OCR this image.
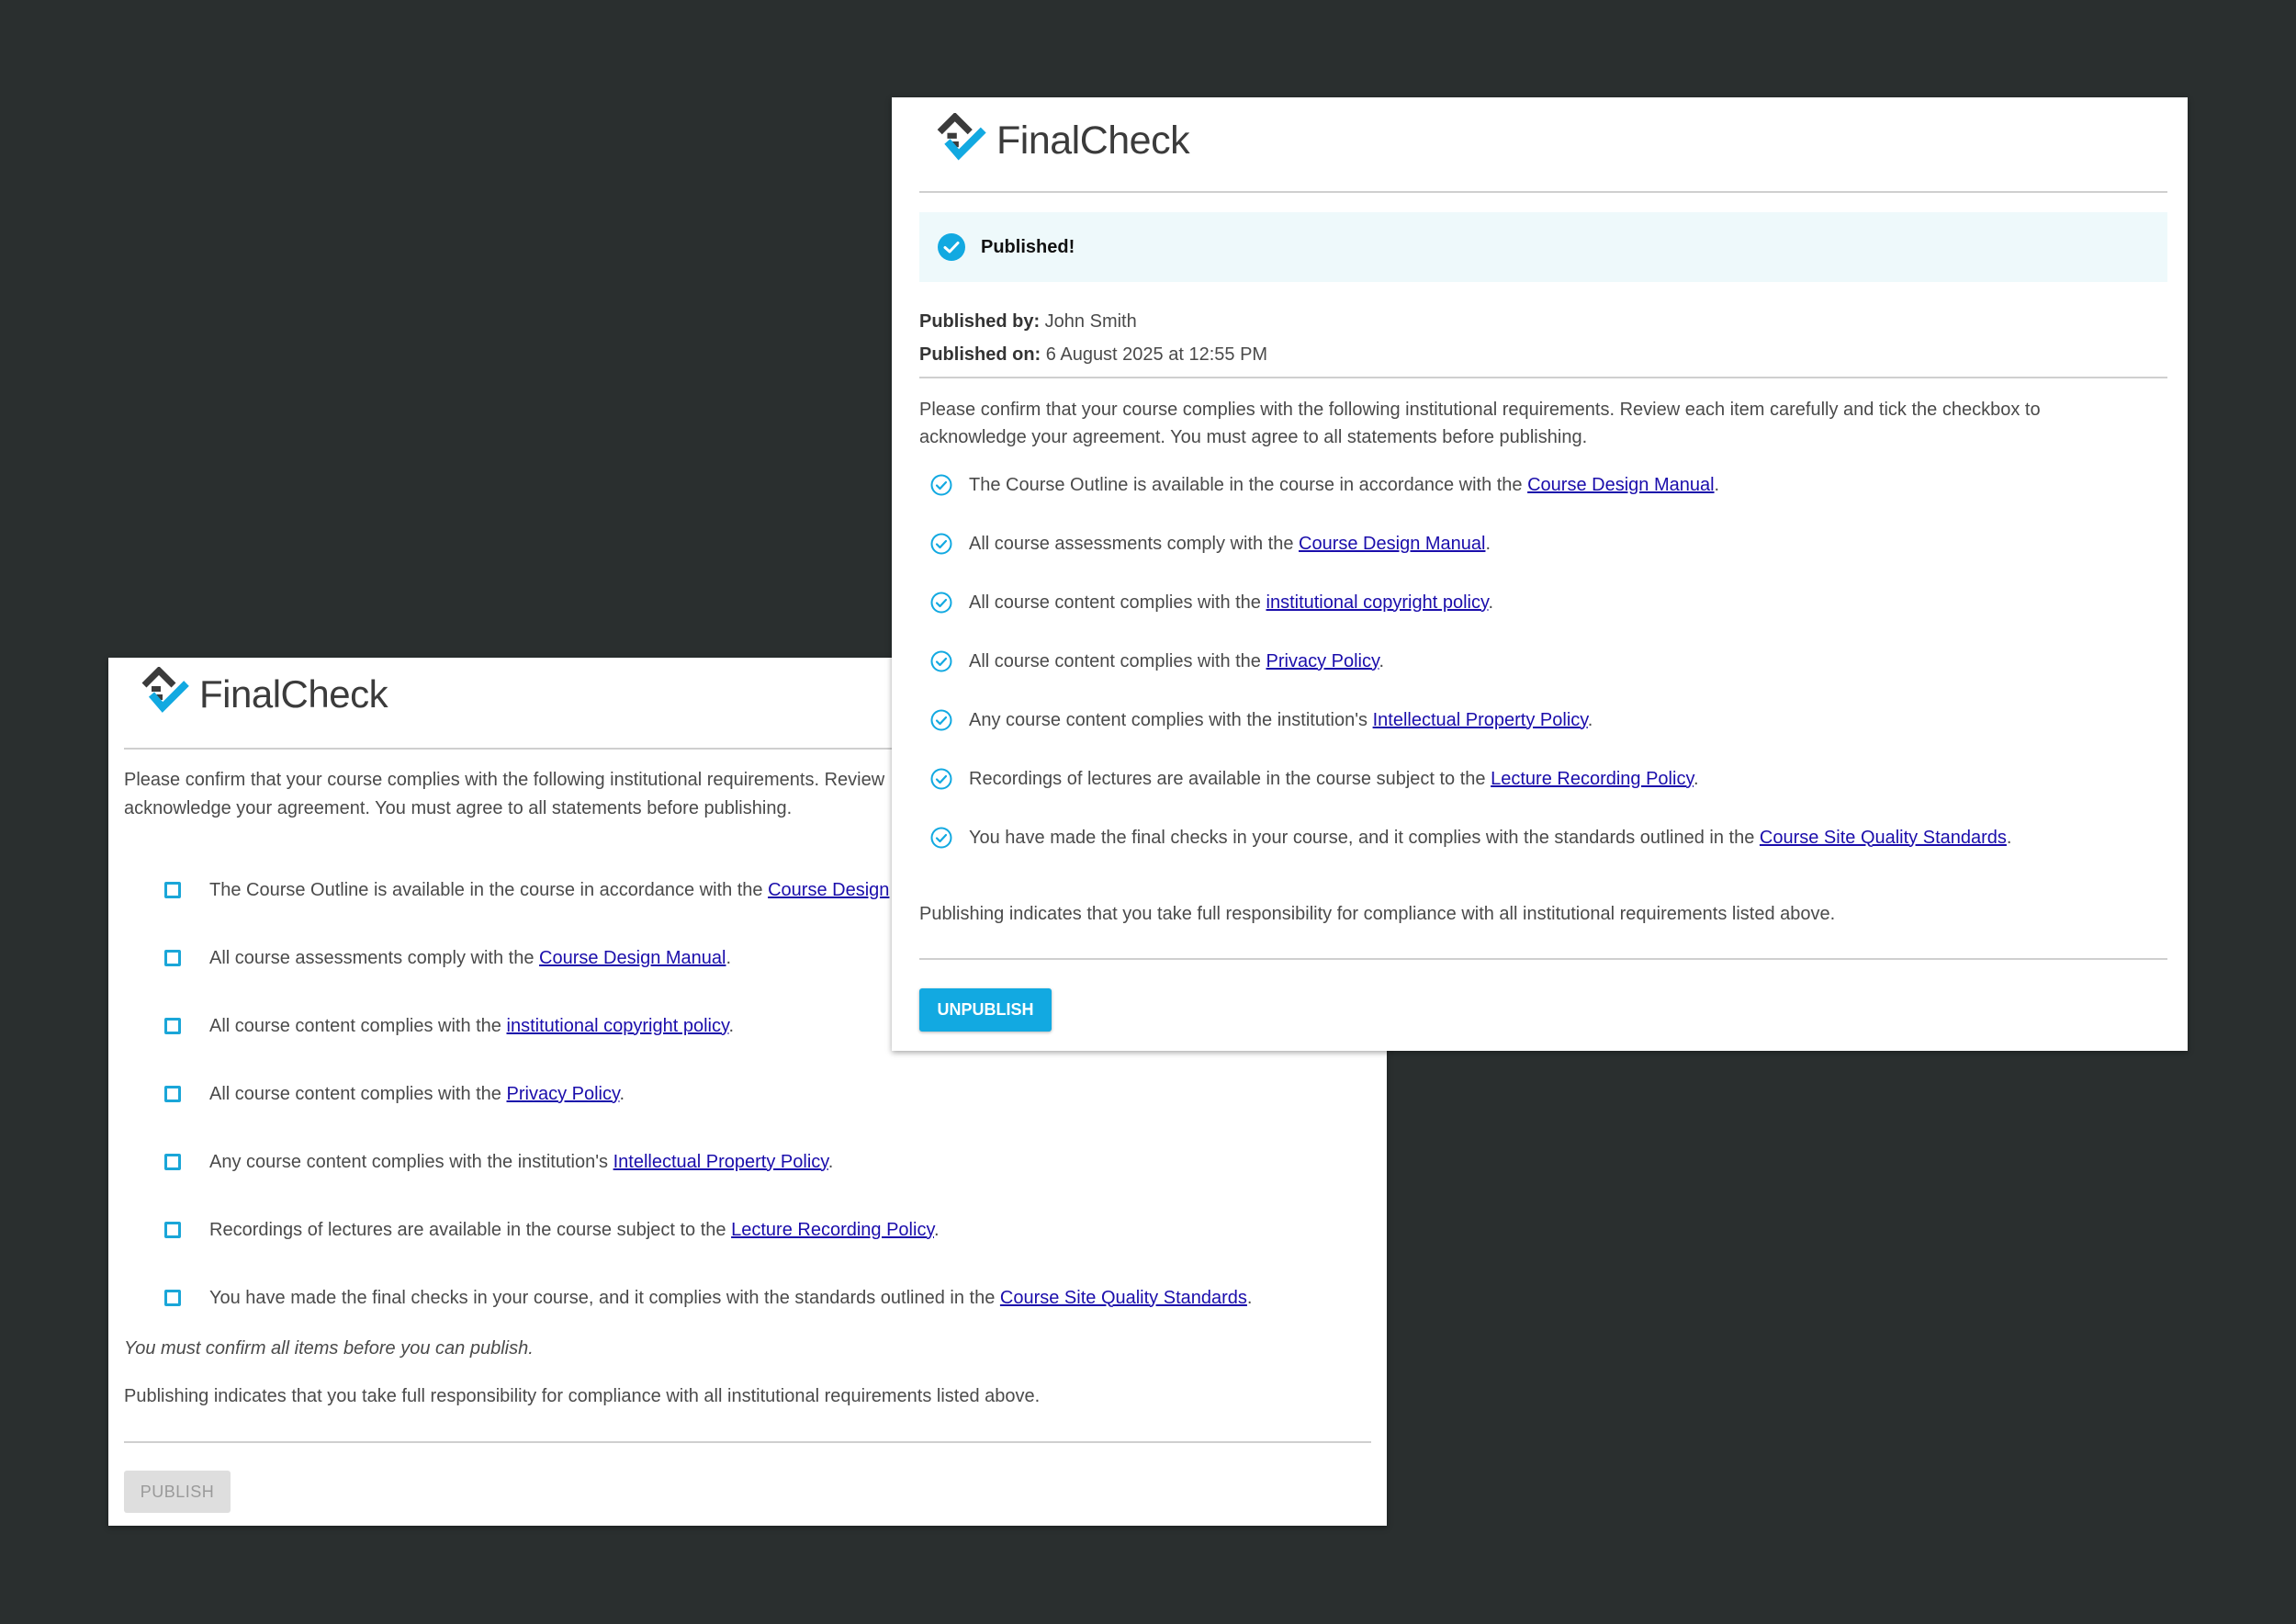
FinalCheck
Please confirm that your course complies with the following institutional requirements. Review
acknowledge your agreement. You must agree to all statements before publishing.
The Course Outline is available in the course in accordance with the Course Design
All course assessments comply with the Course Design Manual.
All course content complies with the institutional copyright policy.
All course content complies with the Privacy Policy.
Any course content complies with the institution's Intellectual Property Policy.
Recordings of lectures are available in the course subject to the Lecture Recording Policy.
You have made the final checks in your course, and it complies with the standards outlined in the Course Site Quality Standards.
You must confirm all items before you can publish.
Publishing indicates that you take full responsibility for compliance with all institutional requirements listed above.
PUBLISH
FinalCheck
Published!
Published by: John Smith
Published on: 6 August 2025 at 12:55 PM
Please confirm that your course complies with the following institutional requirements. Review each item carefully and tick the checkbox to acknowledge your agreement. You must agree to all statements before publishing.
The Course Outline is available in the course in accordance with the Course Design Manual.
All course assessments comply with the Course Design Manual.
All course content complies with the institutional copyright policy.
All course content complies with the Privacy Policy.
Any course content complies with the institution's Intellectual Property Policy.
Recordings of lectures are available in the course subject to the Lecture Recording Policy.
You have made the final checks in your course, and it complies with the standards outlined in the Course Site Quality Standards.
Publishing indicates that you take full responsibility for compliance with all institutional requirements listed above.
UNPUBLISH
